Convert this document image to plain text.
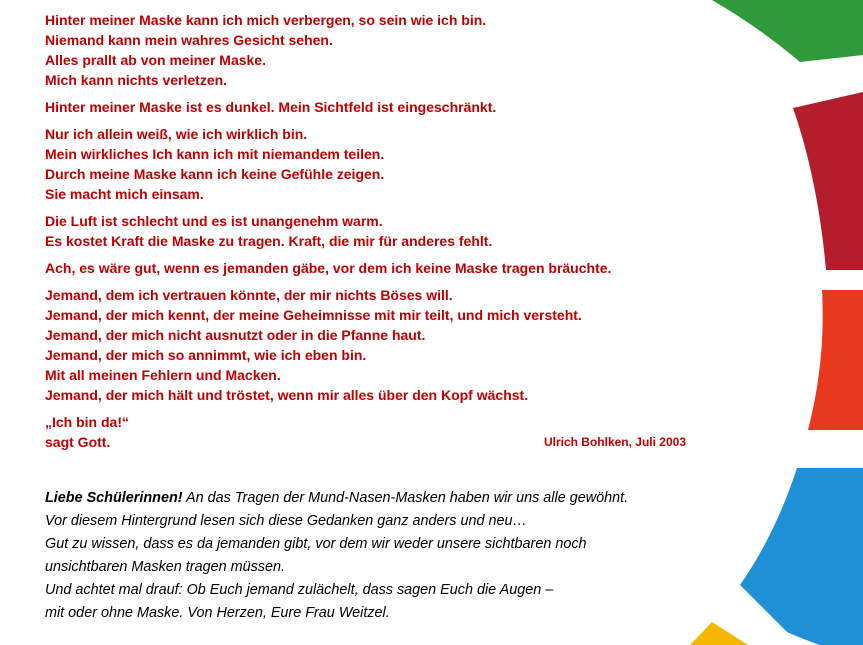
Hinter meiner Maske kann ich mich verbergen, so sein wie ich bin.
Niemand kann mein wahres Gesicht sehen.
Alles prallt ab von meiner Maske.
Mich kann nichts verletzen.
Hinter meiner Maske ist es dunkel. Mein Sichtfeld ist eingeschränkt.
Nur ich allein weiß, wie ich wirklich bin.
Mein wirkliches Ich kann ich mit niemandem teilen.
Durch meine Maske kann ich keine Gefühle zeigen.
Sie macht mich einsam.
Die Luft ist schlecht und es ist unangenehm warm.
Es kostet Kraft die Maske zu tragen. Kraft, die mir für anderes fehlt.
Ach, es wäre gut, wenn es jemanden gäbe, vor dem ich keine Maske tragen bräuchte.
Jemand, dem ich vertrauen könnte, der mir nichts Böses will.
Jemand, der mich kennt, der meine Geheimnisse mit mir teilt, und mich versteht.
Jemand, der mich nicht ausnutzt oder in die Pfanne haut.
Jemand, der mich so annimmt, wie ich eben bin.
Mit all meinen Fehlern und Macken.
Jemand, der mich hält und tröstet, wenn mir alles über den Kopf wächst.
„Ich bin da!“
sagt Gott.	Ulrich Bohlken, Juli 2003
Liebe Schülerinnen! An das Tragen der Mund-Nasen-Masken haben wir uns alle gewöhnt.
Vor diesem Hintergrund lesen sich diese Gedanken ganz anders und neu…
Gut zu wissen, dass es da jemanden gibt, vor dem wir weder unsere sichtbaren noch
unsichtbaren Masken tragen müssen.
Und achtet mal drauf: Ob Euch jemand zulächelt, dass sagen Euch die Augen –
mit oder ohne Maske. Von Herzen, Eure Frau Weitzel.
